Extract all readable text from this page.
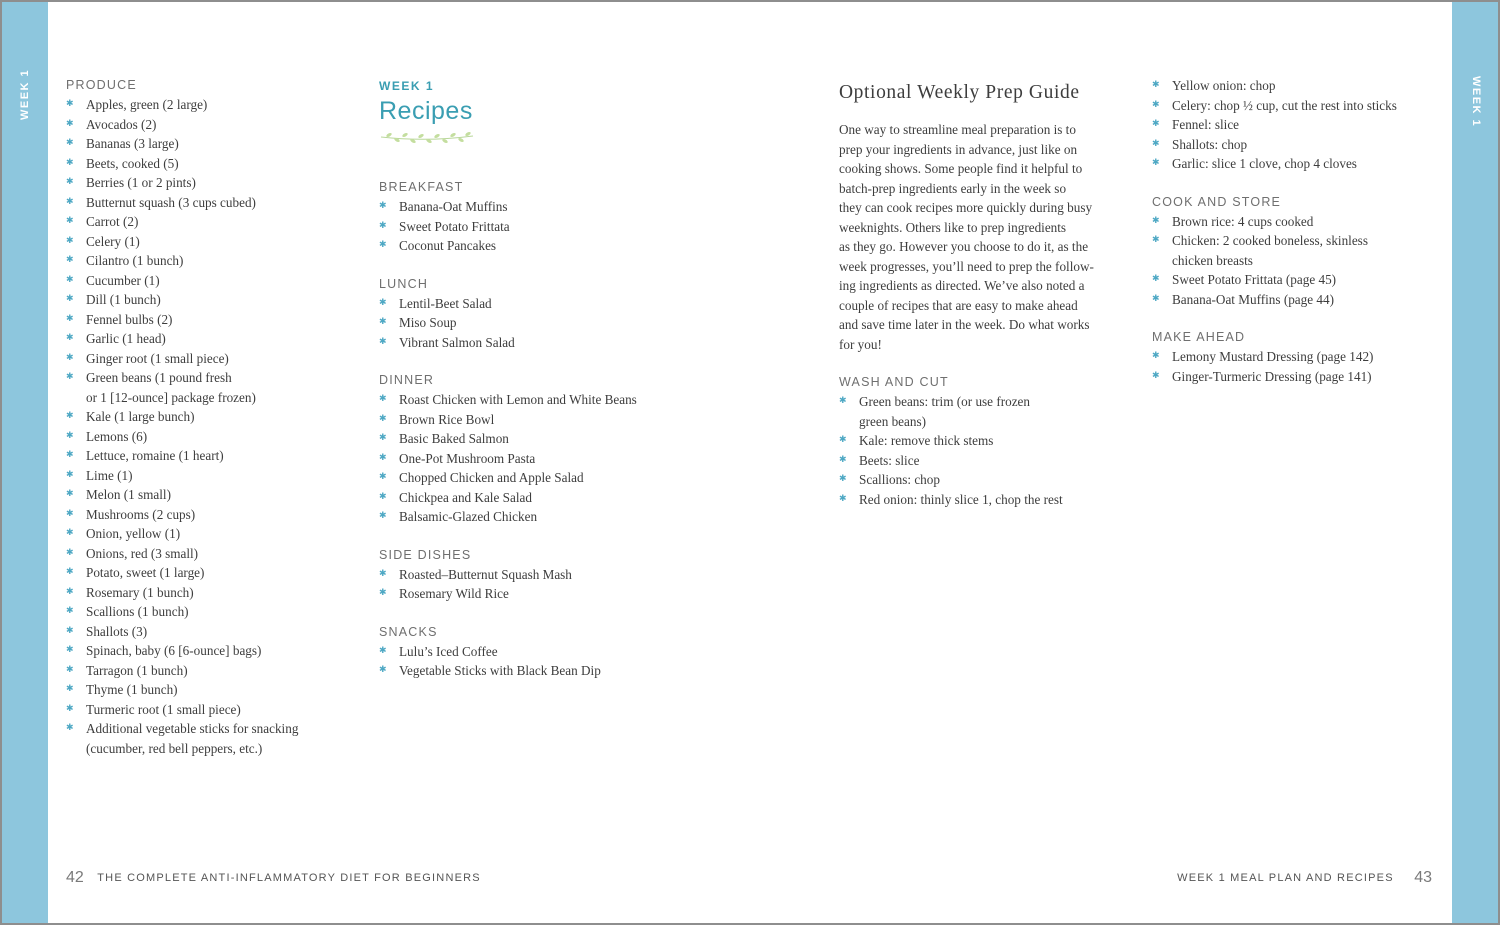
WEEK 1	PRODUCE
✱ Apples, green (2 large)
✱ Avocados (2)
✱ Bananas (3 large)
✱ Beets, cooked (5)
✱ Berries (1 or 2 pints)
✱ Butternut squash (3 cups cubed)
✱ Carrot (2)
✱ Celery (1)
✱ Cilantro (1 bunch)
✱ Cucumber (1)
✱ Dill (1 bunch)
✱ Fennel bulbs (2)
✱ Garlic (1 head)
✱ Ginger root (1 small piece)
✱ Green beans (1 pound fresh
or 1 [12-ounce] package frozen)
✱ Kale (1 large bunch)
✱ Lemons (6)
✱ Lettuce, romaine (1 heart)
✱ Lime (1)
✱ Melon (1 small)
✱ Mushrooms (2 cups)
✱ Onion, yellow (1)
✱ Onions, red (3 small)
✱ Potato, sweet (1 large)
✱ Rosemary (1 bunch)
✱ Scallions (1 bunch)
✱ Shallots (3)
✱ Spinach, baby (6 [6-ounce] bags)
✱ Tarragon (1 bunch)
✱ Thyme (1 bunch)
✱ Turmeric root (1 small piece)
✱ Additional vegetable sticks for snacking
(cucumber, red bell peppers, etc.)
WEEK 1
Recipes
BREAKFAST
✱ Banana-Oat Muffins
✱ Sweet Potato Frittata
✱ Coconut Pancakes
LUNCH
✱ Lentil-Beet Salad
✱ Miso Soup
✱ Vibrant Salmon Salad
DINNER
✱ Roast Chicken with Lemon and White Beans
✱ Brown Rice Bowl
✱ Basic Baked Salmon
✱ One-Pot Mushroom Pasta
✱ Chopped Chicken and Apple Salad
✱ Chickpea and Kale Salad
✱ Balsamic-Glazed Chicken
SIDE DISHES
✱ Roasted–Butternut Squash Mash
✱ Rosemary Wild Rice
SNACKS
✱ Lulu’s Iced Coffee
✱ Vegetable Sticks with Black Bean Dip
42 THE COMPLETE ANTI-INFLAMMATORY DIET FOR BEGINNERS
WEEK 1
Optional Weekly Prep Guide
One way to streamline meal preparation is to
prep your ingredients in advance, just like on
cooking shows. Some people find it helpful to
batch-prep ingredients early in the week so
they can cook recipes more quickly during busy
weeknights. Others like to prep ingredients
as they go. However you choose to do it, as the
week progresses, you’ll need to prep the follow-
ing ingredients as directed. We’ve also noted a
couple of recipes that are easy to make ahead
and save time later in the week. Do what works
for you!
WASH AND CUT
✱ Green beans: trim (or use frozen
green beans)
✱ Kale: remove thick stems
✱ Beets: slice
✱ Scallions: chop
✱ Red onion: thinly slice 1, chop the rest
✱ Yellow onion: chop
✱ Celery: chop ½ cup, cut the rest into sticks
✱ Fennel: slice
✱ Shallots: chop
✱ Garlic: slice 1 clove, chop 4 cloves
COOK AND STORE
✱ Brown rice: 4 cups cooked
✱ Chicken: 2 cooked boneless, skinless
chicken breasts
✱ Sweet Potato Frittata (page 45)
✱ Banana-Oat Muffins (page 44)
MAKE AHEAD
✱ Lemony Mustard Dressing (page 142)
✱ Ginger-Turmeric Dressing (page 141)
WEEK 1 MEAL PLAN AND RECIPES 43
